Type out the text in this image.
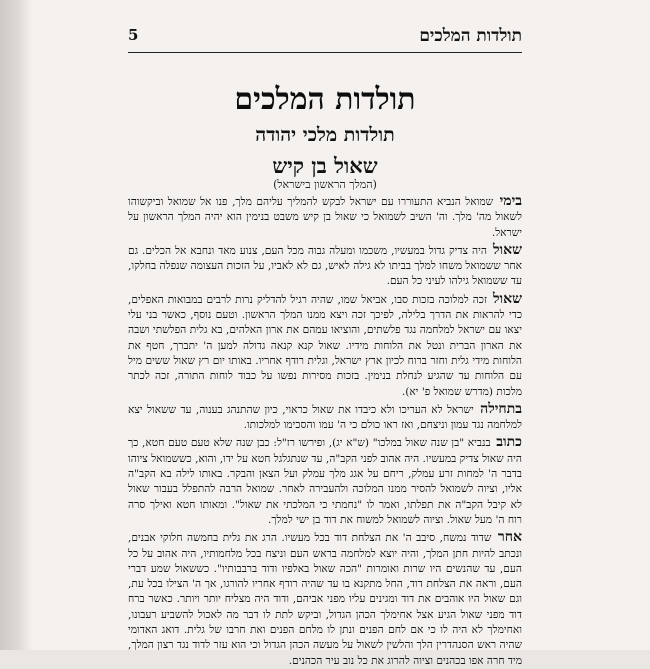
תולדות המלכים
5
תולדות המלכים
תולדות מלכי יהודה
שאול בן קיש
(המלך הראשון בישראל)

בימי שמואל הנביא התעוררו עם ישראל לבקש להמליך עליהם מלך, פנו אל שמואל וביקשוהו לשאול מה' מלך. וה' השיב לשמואל כי שאול בן קיש משבט בנימין הוא יהיה המלך הראשון על ישראל.

שאול היה צדיק גדול במעשיו, משכמו ומעלה גבוה מכל העם, צנוע מאד ונחבא אל הכלים. גם אחר ששמואל משחו למלך בביתו לא גילה לאיש, גם לא לאביו, על הזכות העצומה שנפלה בחלקו, עד ששמואל גילהו לעיני כל העם.

שאול זכה למלוכה בזכות סבו, אביאל שמו, שהיה רגיל להדליק נרות לרבים במבואות האפלים, כדי להראות את הדרך בלילה, לפיכך זכה ויצא ממנו המלך הראשון. וטעם נוסף, כאשר בני עלי יצאו עם ישראל למלחמה נגד פלשתים, והוציאו עמהם את ארון האלהים, בא גלית הפלשתי ושבה את הארון הברית ונטל את הלוחות מידיו. שאול קנא קנאה גדולה למען ה' יתברך, חטף את הלוחות מידי גלית וחזר ברוח לכיון ארץ ישראל, וגלית רודף אחריו. באותו יום רץ שאול ששים מיל עם הלוחות עד שהגיע לנחלת בנימין. בזכות מסירות נפשו על כבוד לוחות התורה, זכה לכתר מלכות (מדרש שמואל פ' יא).

בתחילה ישראל לא העריכו ולא כיבדו את שאול כראוי, כיון שהתנהג בענוה, עד ששאול יצא למלחמה נגד עמון וניצחם, ואז ראו כולם כי ה' עמו והסכימו למלכותו.

כתוב בנביא "בן שנה שאול במלכו" (ש"א יג), ופירשו רז"ל: כבן שנה שלא טעם טעם חטא, כך היה שאול צדיק במעשיו. היה אהוב לפני הקב"ה, עד שנתגלגל חטא על ידו, והוא, כששמואל ציוהו בדבר ה' למחות זרע עמלק, ריחם על אגג מלך עמלק ועל הצאן והבקר. באותו לילה בא הקב"ה אליו, וציוה לשמואל להסיר ממנו המלוכה ולהעבירה לאחר. שמואל הרבה להתפלל בעבור שאול לא קיבל הקב"ה את תפלתו, ואמר לו "נחמתי כי המלכתי את שאול". ומאותו חטא ואילך סרה רוח ה' מעל שאול. וציוה לשמואל למשוח את דוד בן ישי למלך.

אחר שדוד נמשח, סיבב ה' את הצלחת דוד בכל מעשיו. הרג את גלית בחמשה חלוקי אבנים, ונכתב להיות חתן המלך, והיה יוצא למלחמה בראש העם וניצח בכל מלחמותיו, היה אהוב על כל העם, עד שהנשים היו שרות ואומרות "הכה שאול באלפיו ודוד ברבבותיו". כששאול שמע דברי העם, וראה את הצלחת דוד, החל מתקנא בו עד שהיה רודף אחריו להורגו, אך ה' הצילו בכל עת, וגם שאול היו אוהבים את דוד ומגינים עליו מפני אביהם, ודוד היה מצליח יותר ויותר. כאשר ברח דוד מפני שאול הגיע אצל אחימלך הכהן הגדול, וביקש לתת לו דבר מה לאכול להשביע רעבונו, ואחימלך לא היה לו כי אם לחם הפנים ונתן לו מלחם הפנים ואת חרבו של גלית. דואג האדומי שהיה ראש הסנהדרין הלך והלשין לשאול על מעשה הכהן הגדול וכי הוא עזר לדוד נגד רצון המלך, מיד חרה אפו בכהנים וציוה להרוג את כל נוב עיר הכהנים.
